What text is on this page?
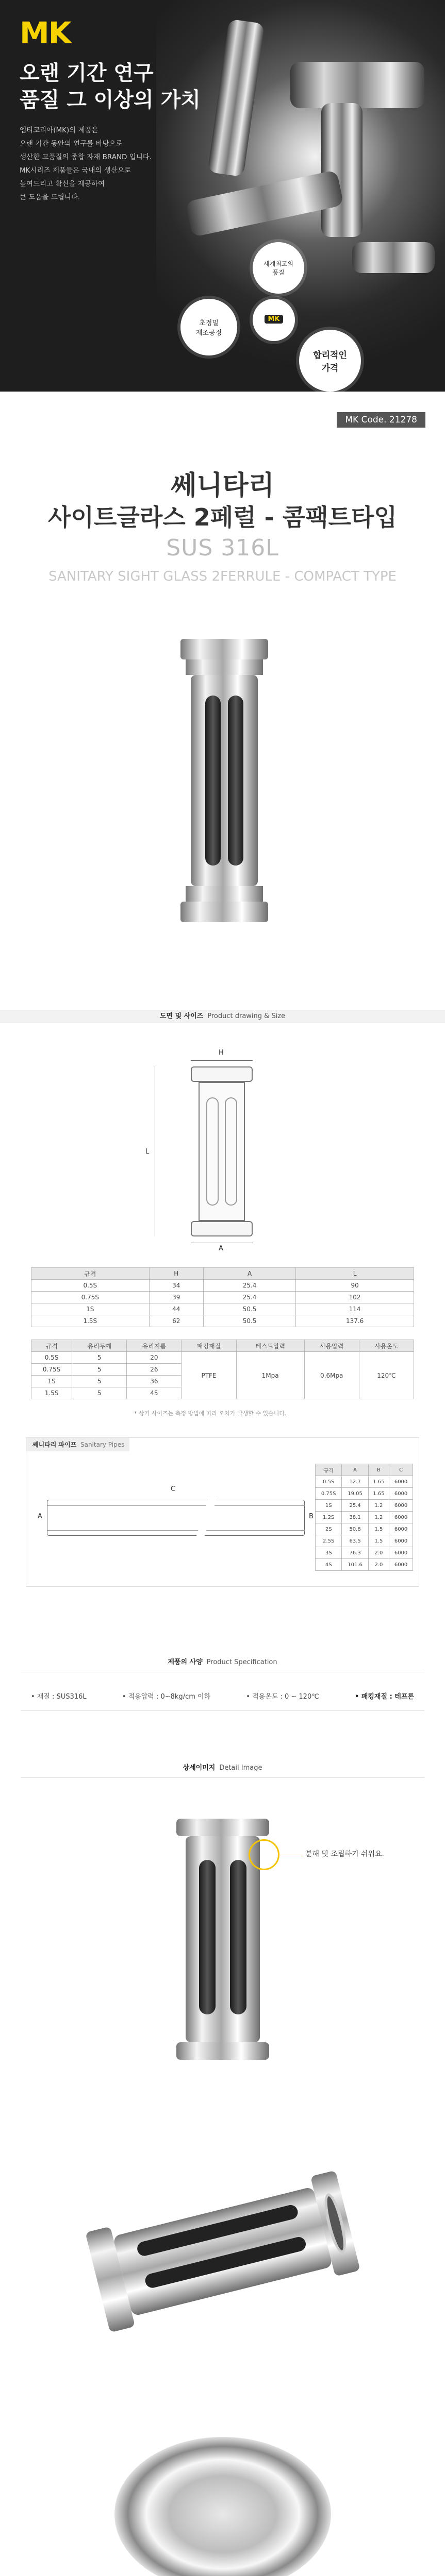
MK
오랜 기간 연구
품질 그 이상의 가치
엠티코리아(MK)의 제품은
오랜 기간 동안의 연구를 바탕으로
생산한 고품질의 종합 자재 BRAND 입니다.
MK시리즈 제품들은 국내의 생산으로
높여드리고 확신을 제공하여
큰 도움을 드립니다.
세계최고의
품질
MK
초정밀
제조공정
합리적인
가격
MK Code. 21278
쎄니타리
사이트글라스 2페럴 - 콤팩트타입
SUS 316L
SANITARY SIGHT GLASS 2FERRULE - COMPACT TYPE
도면 및 사이즈 Product drawing & Size
H
L
A
규격	H	A	L
0.5S	34	25.4	90
0.75S	39	25.4	102
1S	44	50.5	114
1.5S	62	50.5	137.6
규격	유리두께	유리지름	패킹재질	테스트압력	사용압력	사용온도
0.5S	5	20	PTFE	1Mpa	0.6Mpa	120℃
0.75S	5	26				
1S	5	36				
1.5S	5	45				
* 상기 사이즈는 측정 방법에 따라 오차가 발생할 수 있습니다.
쎄니타리 파이프 Sanitary Pipes
C
A	B
규격	A	B	C
0.5S	12.7	1.65	6000
0.75S	19.05	1.65	6000
1S	25.4	1.2	6000
1.2S	38.1	1.2	6000
2S	50.8	1.5	6000
2.5S	63.5	1.5	6000
3S	76.3	2.0	6000
4S	101.6	2.0	6000
제품의 사양 Product Specification
• 재질 : SUS316L	• 적용압력 : 0~8kg/cm 이하	• 적용온도 : 0 ~ 120℃	• 패킹재질 : 테프론
상세이미지 Detail Image
분해 및 조립하기 쉬워요.
